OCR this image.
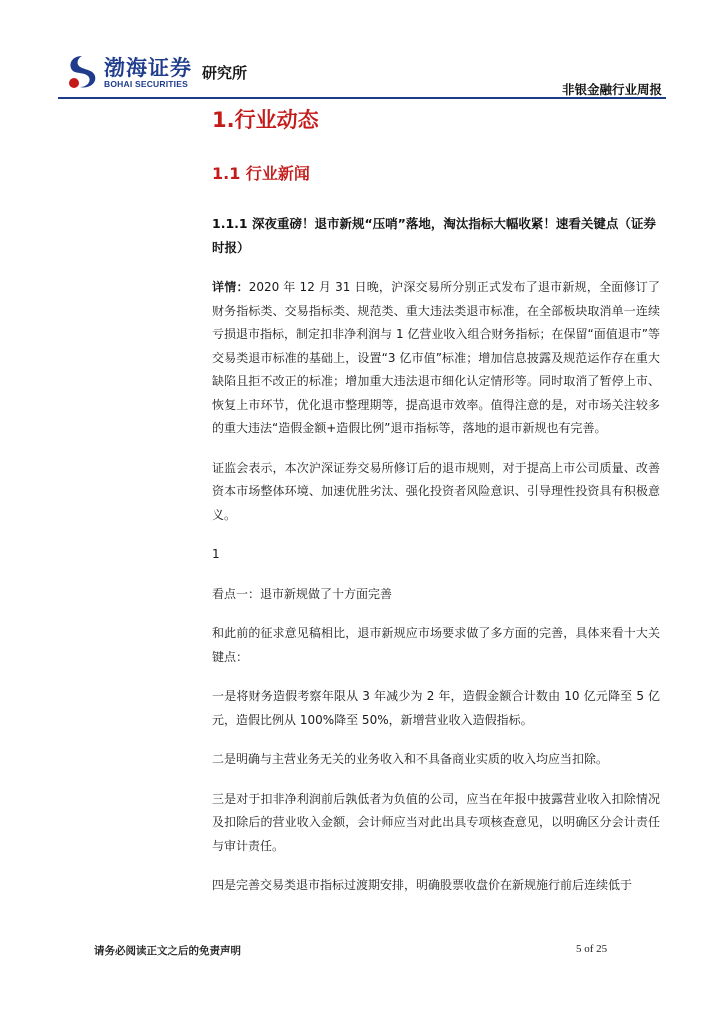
渤海证券
BOHAI SECURITIES
研究所
非银金融行业周报
1.行业动态
1.1 行业新闻
1.1.1 深夜重磅！退市新规“压哨”落地，淘汰指标大幅收紧！速看关键点（证券时报）

详情：2020 年 12 月 31 日晚，沪深交易所分别正式发布了退市新规，全面修订了财务指标类、交易指标类、规范类、重大违法类退市标准，在全部板块取消单一连续亏损退市指标，制定扣非净利润与 1 亿营业收入组合财务指标；在保留“面值退市”等交易类退市标准的基础上，设置“3 亿市值”标准；增加信息披露及规范运作存在重大缺陷且拒不改正的标准；增加重大违法退市细化认定情形等。同时取消了暂停上市、恢复上市环节，优化退市整理期等，提高退市效率。值得注意的是，对市场关注较多的重大违法“造假金额+造假比例”退市指标等，落地的退市新规也有完善。

证监会表示，本次沪深证券交易所修订后的退市规则，对于提高上市公司质量、改善资本市场整体环境、加速优胜劣汰、强化投资者风险意识、引导理性投资具有积极意义。

1

看点一：退市新规做了十方面完善

和此前的征求意见稿相比，退市新规应市场要求做了多方面的完善，具体来看十大关键点：

一是将财务造假考察年限从 3 年减少为 2 年，造假金额合计数由 10 亿元降至 5 亿元，造假比例从 100%降至 50%，新增营业收入造假指标。

二是明确与主营业务无关的业务收入和不具备商业实质的收入均应当扣除。

三是对于扣非净利润前后孰低者为负值的公司，应当在年报中披露营业收入扣除情况及扣除后的营业收入金额，会计师应当对此出具专项核查意见，以明确区分会计责任与审计责任。

四是完善交易类退市指标过渡期安排，明确股票收盘价在新规施行前后连续低于

请务必阅读正文之后的免责声明	5 of 25
